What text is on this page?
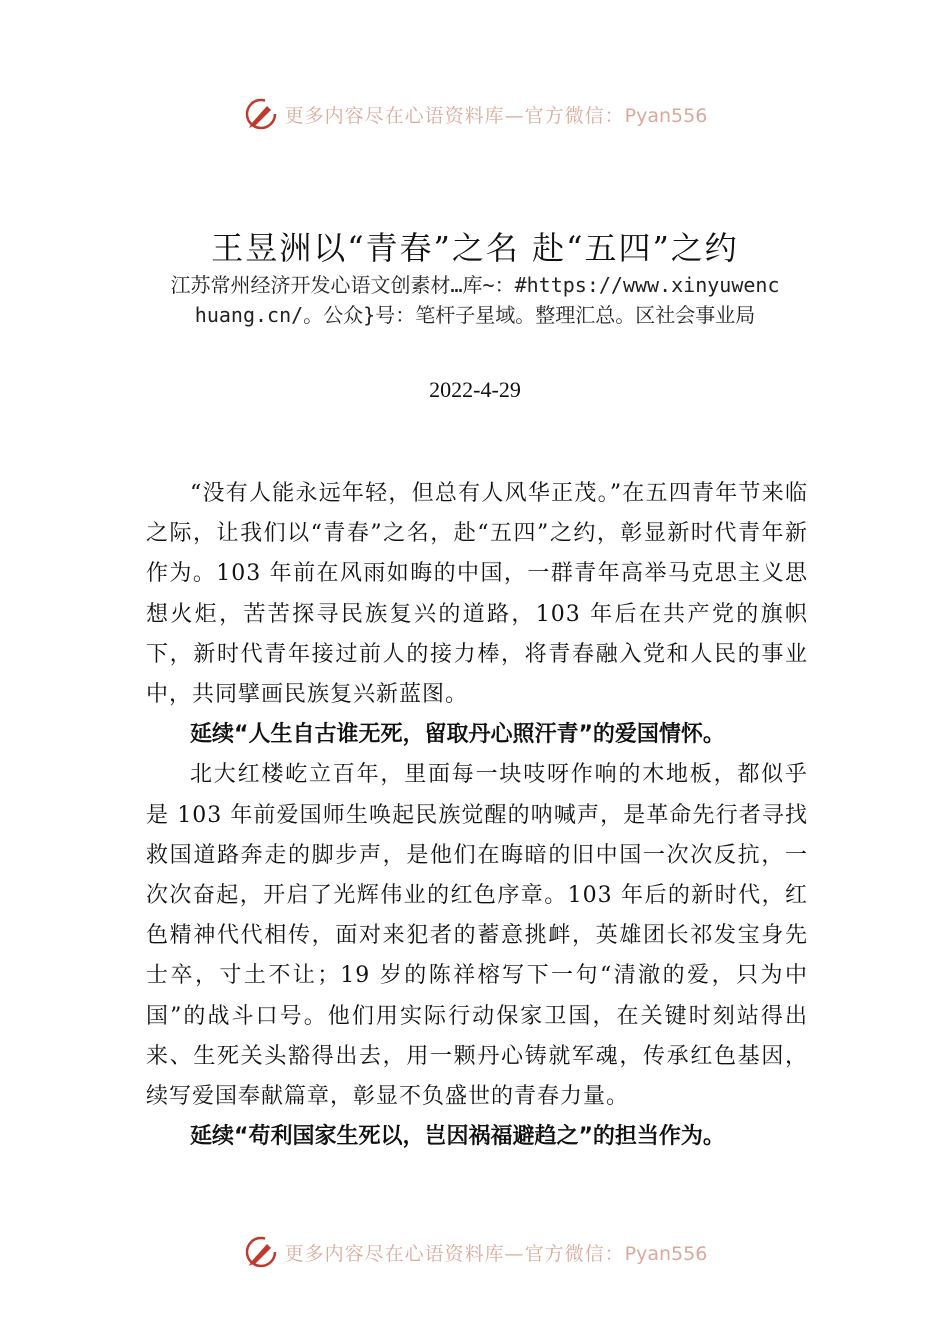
更多内容尽在心语资料库—官方微信：Pyan556
王昱洲以“青春”之名 赴“五四”之约
江苏常州经济开发心语文创素材…库~：#https://www.xinyuwenchuang.cn/。公众}号：笔杆子星域。整理汇总。区社会事业局
2022-4-29

“没有人能永远年轻，但总有人风华正茂。”在五四青年节来临之际，让我们以“青春”之名，赴“五四”之约，彰显新时代青年新作为。103 年前在风雨如晦的中国，一群青年高举马克思主义思想火炬，苦苦探寻民族复兴的道路，103 年后在共产党的旗帜下，新时代青年接过前人的接力棒，将青春融入党和人民的事业中，共同擘画民族复兴新蓝图。

延续“人生自古谁无死，留取丹心照汗青”的爱国情怀。

北大红楼屹立百年，里面每一块吱呀作响的木地板，都似乎是 103 年前爱国师生唤起民族觉醒的呐喊声，是革命先行者寻找救国道路奔走的脚步声，是他们在晦暗的旧中国一次次反抗，一次次奋起，开启了光辉伟业的红色序章。103 年后的新时代，红色精神代代相传，面对来犯者的蓄意挑衅，英雄团长祁发宝身先士卒，寸土不让；19 岁的陈祥榕写下一句“清澈的爱，只为中国”的战斗口号。他们用实际行动保家卫国，在关键时刻站得出来、生死关头豁得出去，用一颗丹心铸就军魂，传承红色基因，续写爱国奉献篇章，彰显不负盛世的青春力量。

延续“苟利国家生死以，岂因祸福避趋之”的担当作为。

更多内容尽在心语资料库—官方微信：Pyan556
